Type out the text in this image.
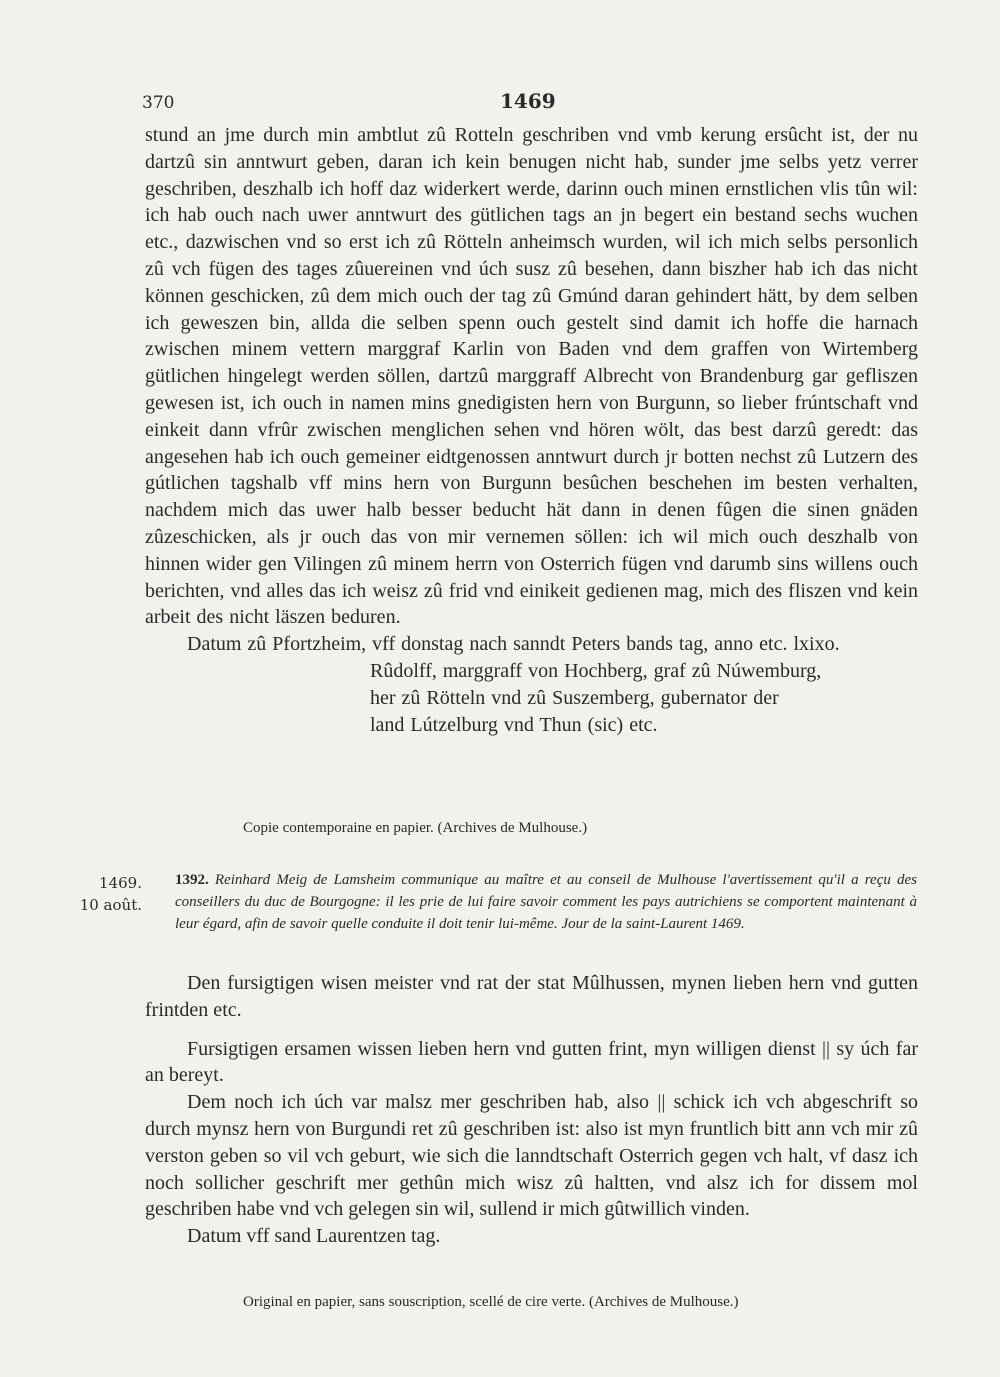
370	1469

stund an jme durch min ambtlut zû Rotteln geschriben vnd vmb kerung ersûcht ist, der nu dartzû sin anntwurt geben, daran ich kein benugen nicht hab, sunder jme selbs yetz verrer geschriben, deszhalb ich hoff daz widerkert werde, darinn ouch minen ernstlichen vlis tûn wil: ich hab ouch nach uwer anntwurt des gütlichen tags an jn begert ein bestand sechs wuchen etc., dazwischen vnd so erst ich zû Rötteln anheimsch wurden, wil ich mich selbs personlich zû vch fügen des tages zûuereinen vnd úch susz zû besehen, dann biszher hab ich das nicht können geschicken, zû dem mich ouch der tag zû Gmúnd daran gehindert hätt, by dem selben ich geweszen bin, allda die selben spenn ouch gestelt sind damit ich hoffe die harnach zwischen minem vettern marggraf Karlin von Baden vnd dem graffen von Wirtemberg gütlichen hingelegt werden söllen, dartzû marggraff Albrecht von Brandenburg gar gefliszen gewesen ist, ich ouch in namen mins gnedigisten hern von Burgunn, so lieber frúntschaft vnd einkeit dann vfrûr zwischen menglichen sehen vnd hören wölt, das best darzû geredt: das angesehen hab ich ouch gemeiner eidtgenossen anntwurt durch jr botten nechst zû Lutzern des gútlichen tagshalb vff mins hern von Burgunn besûchen beschehen im besten verhalten, nachdem mich das uwer halb besser beducht hät dann in denen fûgen die sinen gnäden zûzeschicken, als jr ouch das von mir vernemen söllen: ich wil mich ouch deszhalb von hinnen wider gen Vilingen zû minem herrn von Osterrich fügen vnd darumb sins willens ouch berichten, vnd alles das ich weisz zû frid vnd einikeit gedienen mag, mich des fliszen vnd kein arbeit des nicht läszen beduren.

Datum zû Pfortzheim, vff donstag nach sanndt Peters bands tag, anno etc. lxixo.

Rûdolff, marggraff von Hochberg, graf zû Núwemburg,

her zû Rötteln vnd zû Suszemberg, gubernator der

land Lútzelburg vnd Thun (sic) etc.

Copie contemporaine en papier. (Archives de Mulhouse.)
1469.
10 août.
1392. Reinhard Meig de Lamsheim communique au maître et au conseil de Mulhouse l'avertissement qu'il a reçu des conseillers du duc de Bourgogne: il les prie de lui faire savoir comment les pays autrichiens se comportent maintenant à leur égard, afin de savoir quelle conduite il doit tenir lui-même. Jour de la saint-Laurent 1469.

Den fursigtigen wisen meister vnd rat der stat Mûlhussen, mynen lieben hern vnd gutten frintden etc.

Fursigtigen ersamen wissen lieben hern vnd gutten frint, myn willigen dienst || sy úch far an bereyt.

Dem noch ich úch var malsz mer geschriben hab, also || schick ich vch abgeschrift so durch mynsz hern von Burgundi ret zû geschriben ist: also ist myn fruntlich bitt ann vch mir zû verston geben so vil vch geburt, wie sich die lanndtschaft Osterrich gegen vch halt, vf dasz ich noch sollicher geschrift mer gethûn mich wisz zû haltten, vnd alsz ich for dissem mol geschriben habe vnd vch gelegen sin wil, sullend ir mich gûtwillich vinden.

Datum vff sand Laurentzen tag.

Original en papier, sans souscription, scellé de cire verte. (Archives de Mulhouse.)
